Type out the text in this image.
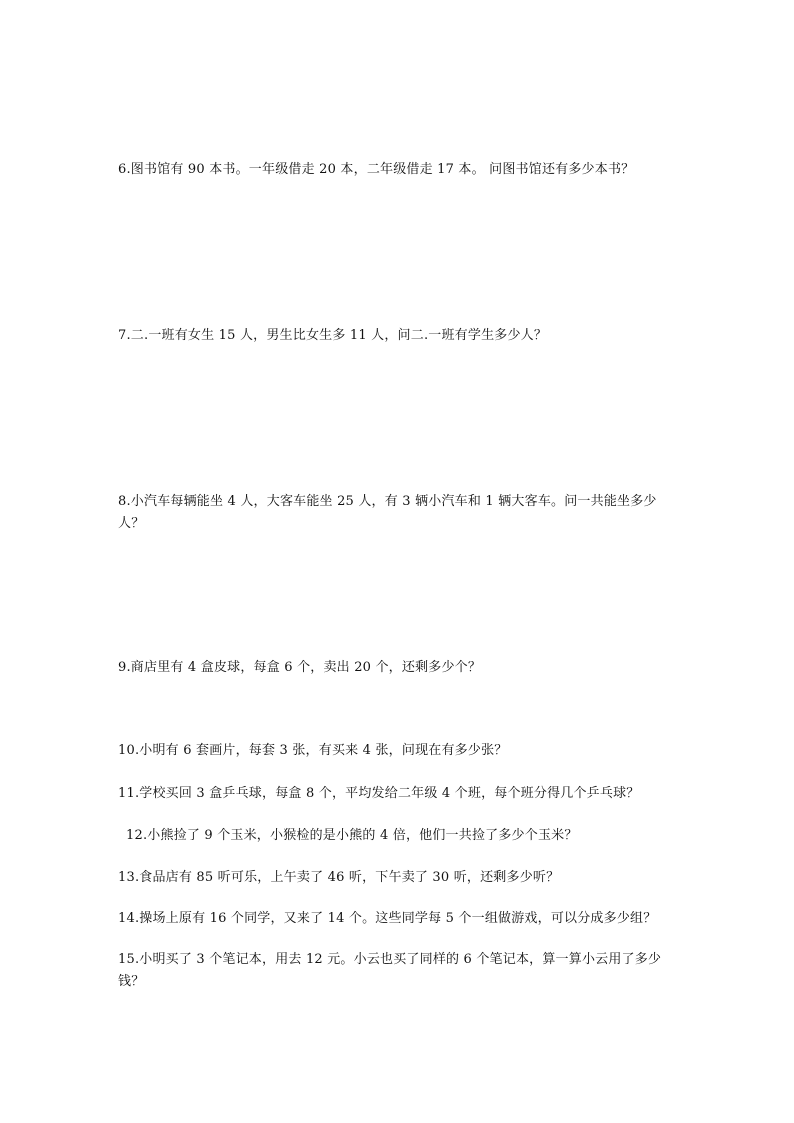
6.图书馆有 90 本书。一年级借走 20 本，二年级借走 17 本。 问图书馆还有多少本书？
7.二.一班有女生 15 人，男生比女生多 11 人，问二.一班有学生多少人？
8.小汽车每辆能坐 4 人，大客车能坐 25 人，有 3 辆小汽车和 1 辆大客车。问一共能坐多少人？
9.商店里有 4 盒皮球，每盒 6 个，卖出 20 个，还剩多少个？
10.小明有 6 套画片，每套 3 张，有买来 4 张，问现在有多少张？
11.学校买回 3 盒乒乓球，每盒 8 个，平均发给二年级 4 个班，每个班分得几个乒乓球？
12.小熊捡了 9 个玉米，小猴检的是小熊的 4 倍，他们一共捡了多少个玉米？
13.食品店有 85 听可乐，上午卖了 46 听，下午卖了 30 听，还剩多少听？
14.操场上原有 16 个同学，又来了 14 个。这些同学每 5 个一组做游戏，可以分成多少组？
15.小明买了 3 个笔记本，用去 12 元。小云也买了同样的 6 个笔记本，算一算小云用了多少钱？
